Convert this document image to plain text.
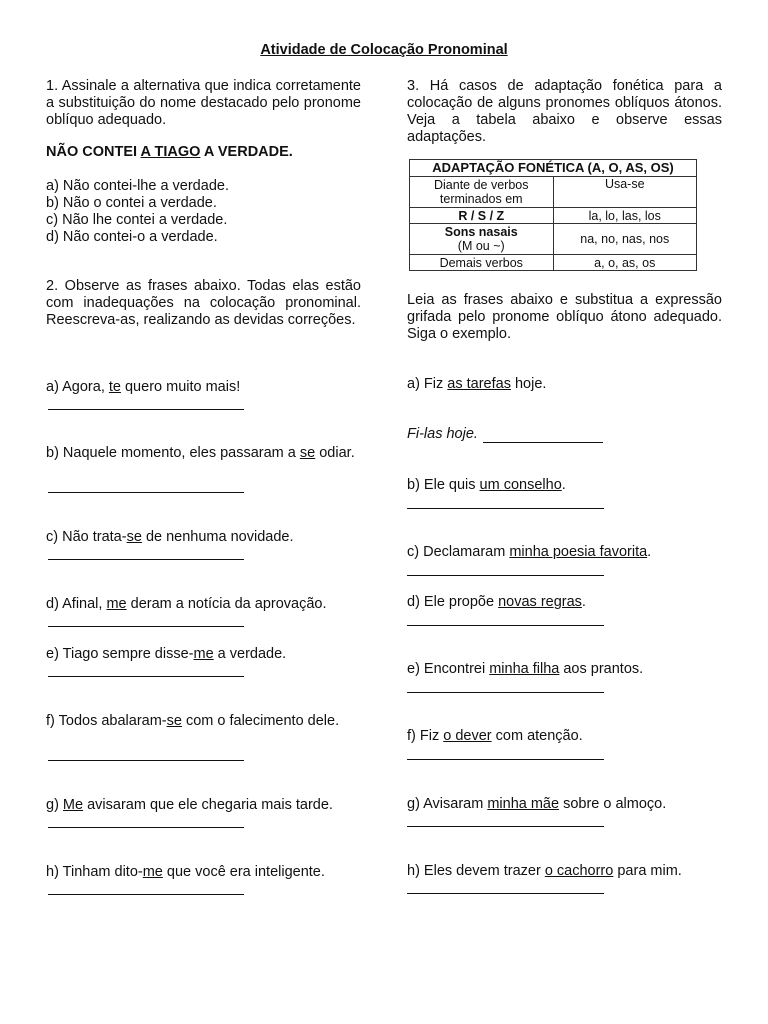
Atividade de Colocação Pronominal
1. Assinale a alternativa que indica corretamente a substituição do nome destacado pelo pronome oblíquo adequado.
NÃO CONTEI A TIAGO A VERDADE.
a) Não contei-lhe a verdade.
b) Não o contei a verdade.
c) Não lhe contei a verdade.
d) Não contei-o a verdade.
2. Observe as frases abaixo. Todas elas estão com inadequações na colocação pronominal. Reescreva-as, realizando as devidas correções.
a) Agora, te quero muito mais!
b) Naquele momento, eles passaram a se odiar.
c) Não trata-se de nenhuma novidade.
d) Afinal, me deram a notícia da aprovação.
e) Tiago sempre disse-me a verdade.
f) Todos abalaram-se com o falecimento dele.
g) Me avisaram que ele chegaria mais tarde.
h) Tinham dito-me que você era inteligente.
3. Há casos de adaptação fonética para a colocação de alguns pronomes oblíquos átonos. Veja a tabela abaixo e observe essas adaptações.
ADAPTAÇÃO FONÉTICA (A, O, AS, OS)	

Diante de verbos
terminados em	Usa-se
R / S / Z	la, lo, las, los

Sons nasais
(M ou ~)	na, no, nas, nos
Demais verbos	a, o, as, os
Leia as frases abaixo e substitua a expressão grifada pelo pronome oblíquo átono adequado. Siga o exemplo.
a) Fiz as tarefas hoje.
Fi-las hoje.
b) Ele quis um conselho.
c) Declamaram minha poesia favorita.
d) Ele propõe novas regras.
e) Encontrei minha filha aos prantos.
f) Fiz o dever com atenção.
g) Avisaram minha mãe sobre o almoço.
h) Eles devem trazer o cachorro para mim.
